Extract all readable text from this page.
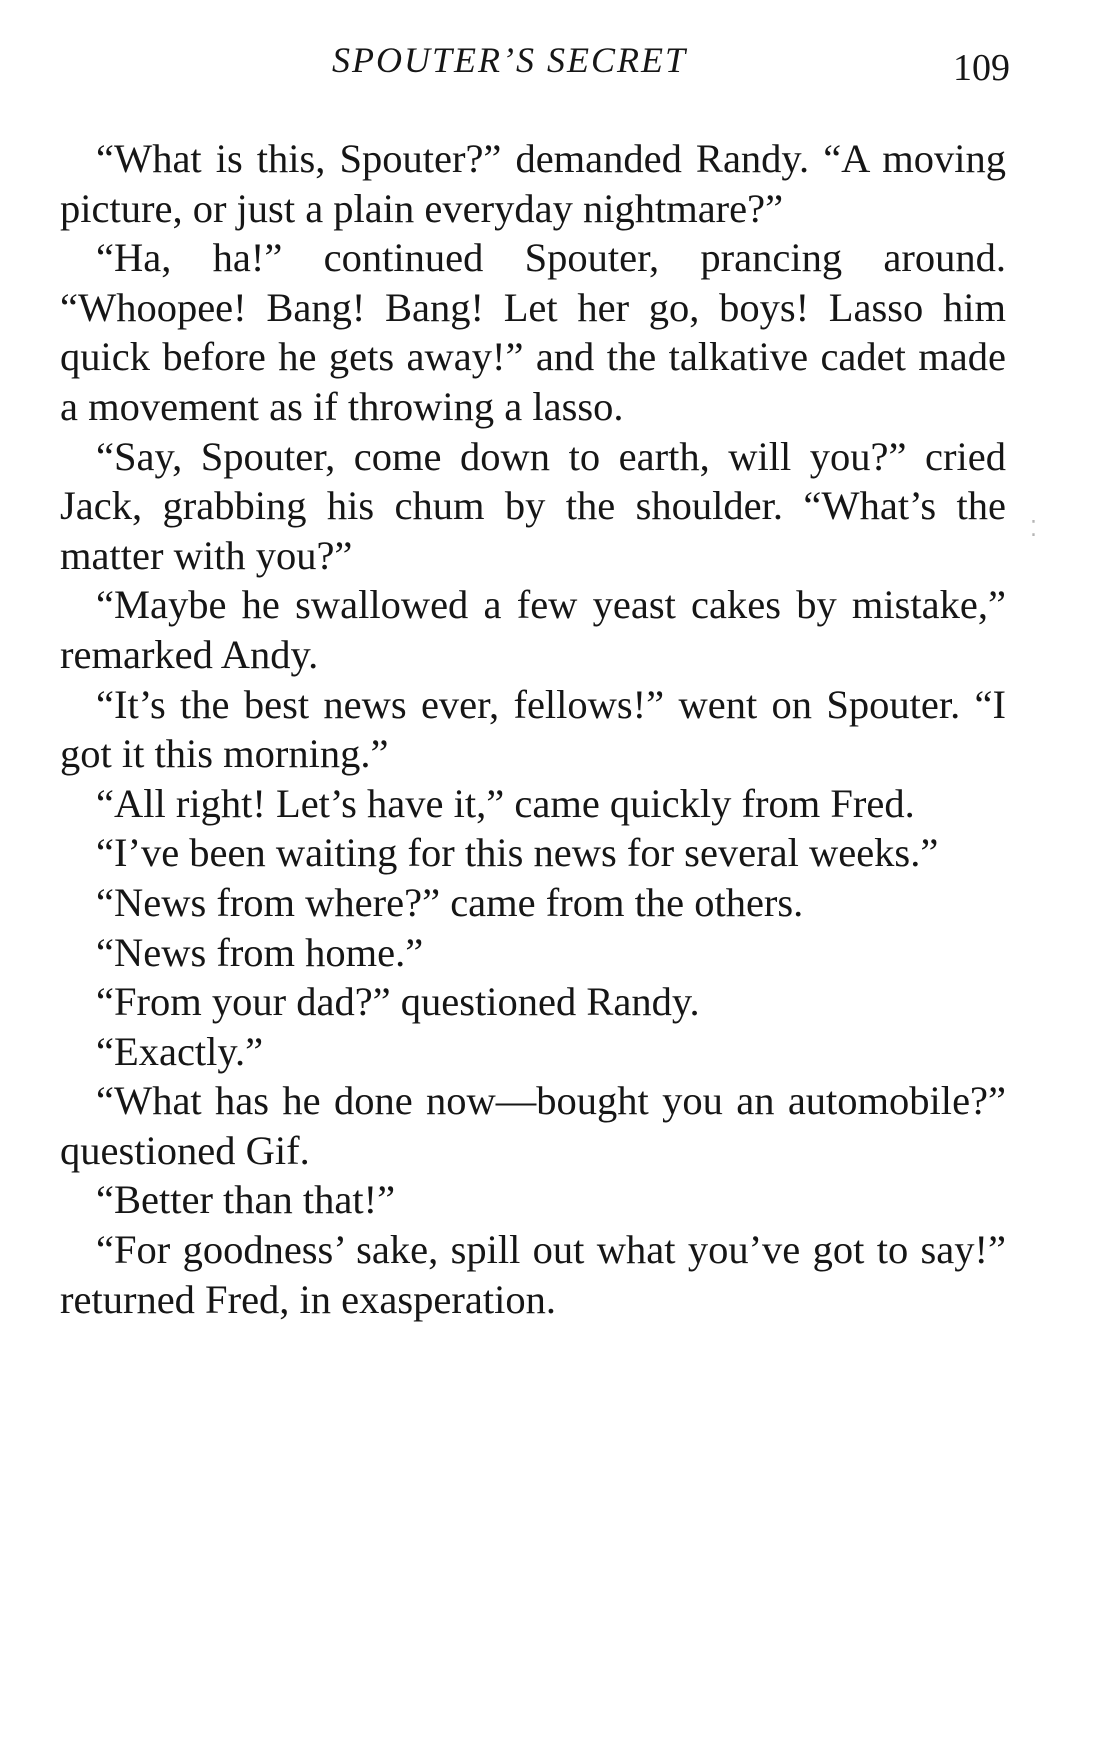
SPOUTER’S SECRET	109

“What is this, Spouter?” demanded Randy. “A moving picture, or just a plain everyday nightmare?”

“Ha, ha!” continued Spouter, prancing around. “Whoopee! Bang! Bang! Let her go, boys! Lasso him quick before he gets away!” and the talkative cadet made a movement as if throwing a lasso.

“Say, Spouter, come down to earth, will you?” cried Jack, grabbing his chum by the shoulder. “What’s the matter with you?”

“Maybe he swallowed a few yeast cakes by mistake,” remarked Andy.

“It’s the best news ever, fellows!” went on Spouter. “I got it this morning.”

“All right! Let’s have it,” came quickly from Fred.

“I’ve been waiting for this news for several weeks.”

“News from where?” came from the others.

“News from home.”

“From your dad?” questioned Randy.

“Exactly.”

“What has he done now—bought you an automobile?” questioned Gif.

“Better than that!”

“For goodness’ sake, spill out what you’ve got to say!” returned Fred, in exasperation.

⁚
